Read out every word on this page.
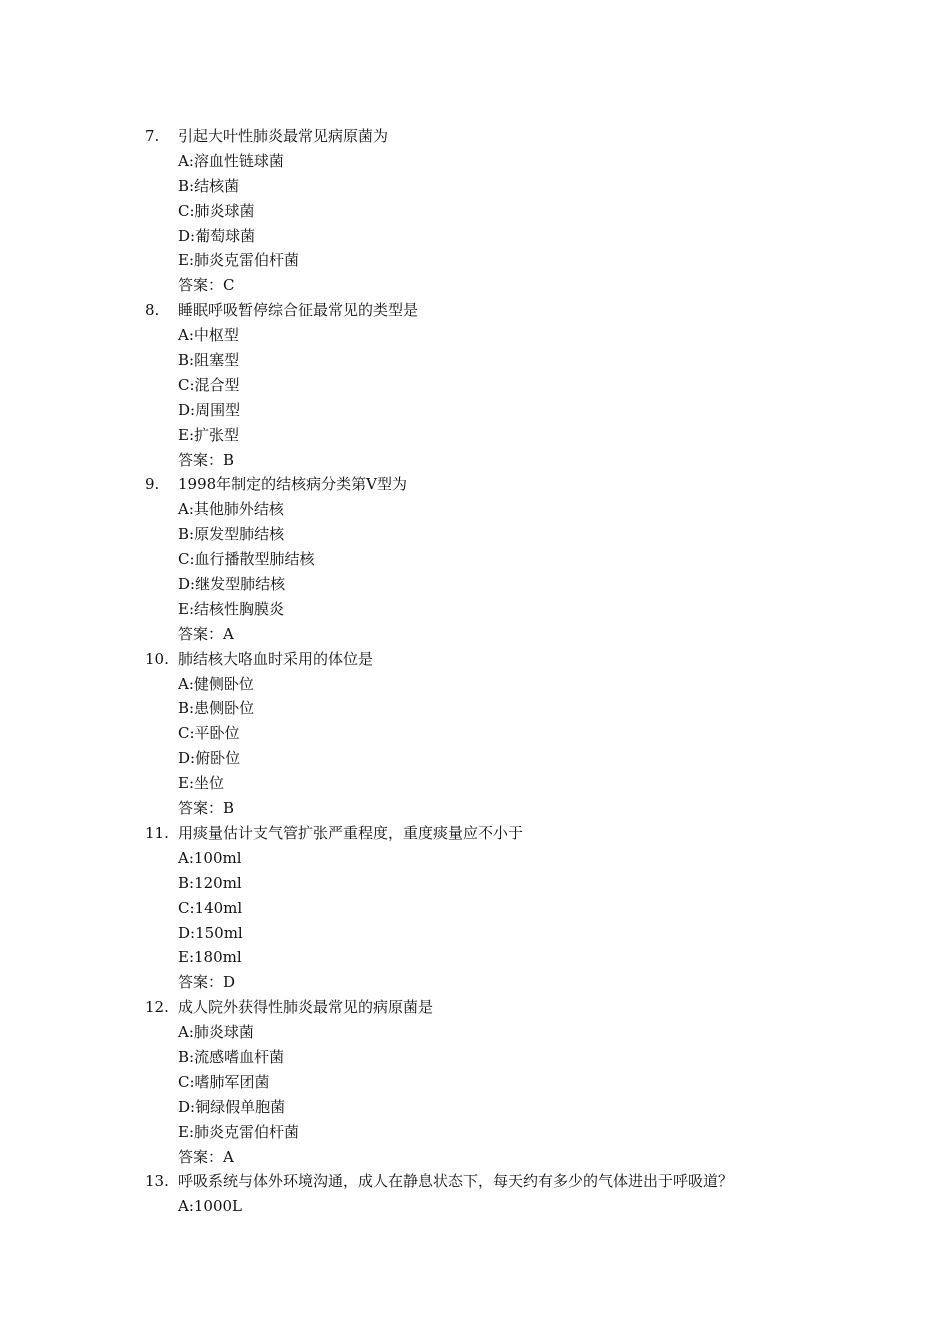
7.	引起大叶性肺炎最常见病原菌为
A:溶血性链球菌
B:结核菌
C:肺炎球菌
D:葡萄球菌
E:肺炎克雷伯杆菌
答案：C
8.	睡眠呼吸暂停综合征最常见的类型是
A:中枢型
B:阻塞型
C:混合型
D:周围型
E:扩张型
答案：B
9.	1998年制定的结核病分类第Ⅴ型为
A:其他肺外结核
B:原发型肺结核
C:血行播散型肺结核
D:继发型肺结核
E:结核性胸膜炎
答案：A
10. 肺结核大咯血时采用的体位是
A:健侧卧位
B:患侧卧位
C:平卧位
D:俯卧位
E:坐位
答案：B
11. 用痰量估计支气管扩张严重程度，重度痰量应不小于
A:100ml
B:120ml
C:140ml
D:150ml
E:180ml
答案：D
12. 成人院外获得性肺炎最常见的病原菌是
A:肺炎球菌
B:流感嗜血杆菌
C:嗜肺军团菌
D:铜绿假单胞菌
E:肺炎克雷伯杆菌
答案：A
13. 呼吸系统与体外环境沟通，成人在静息状态下，每天约有多少的气体进出于呼吸道？
A:1000L
